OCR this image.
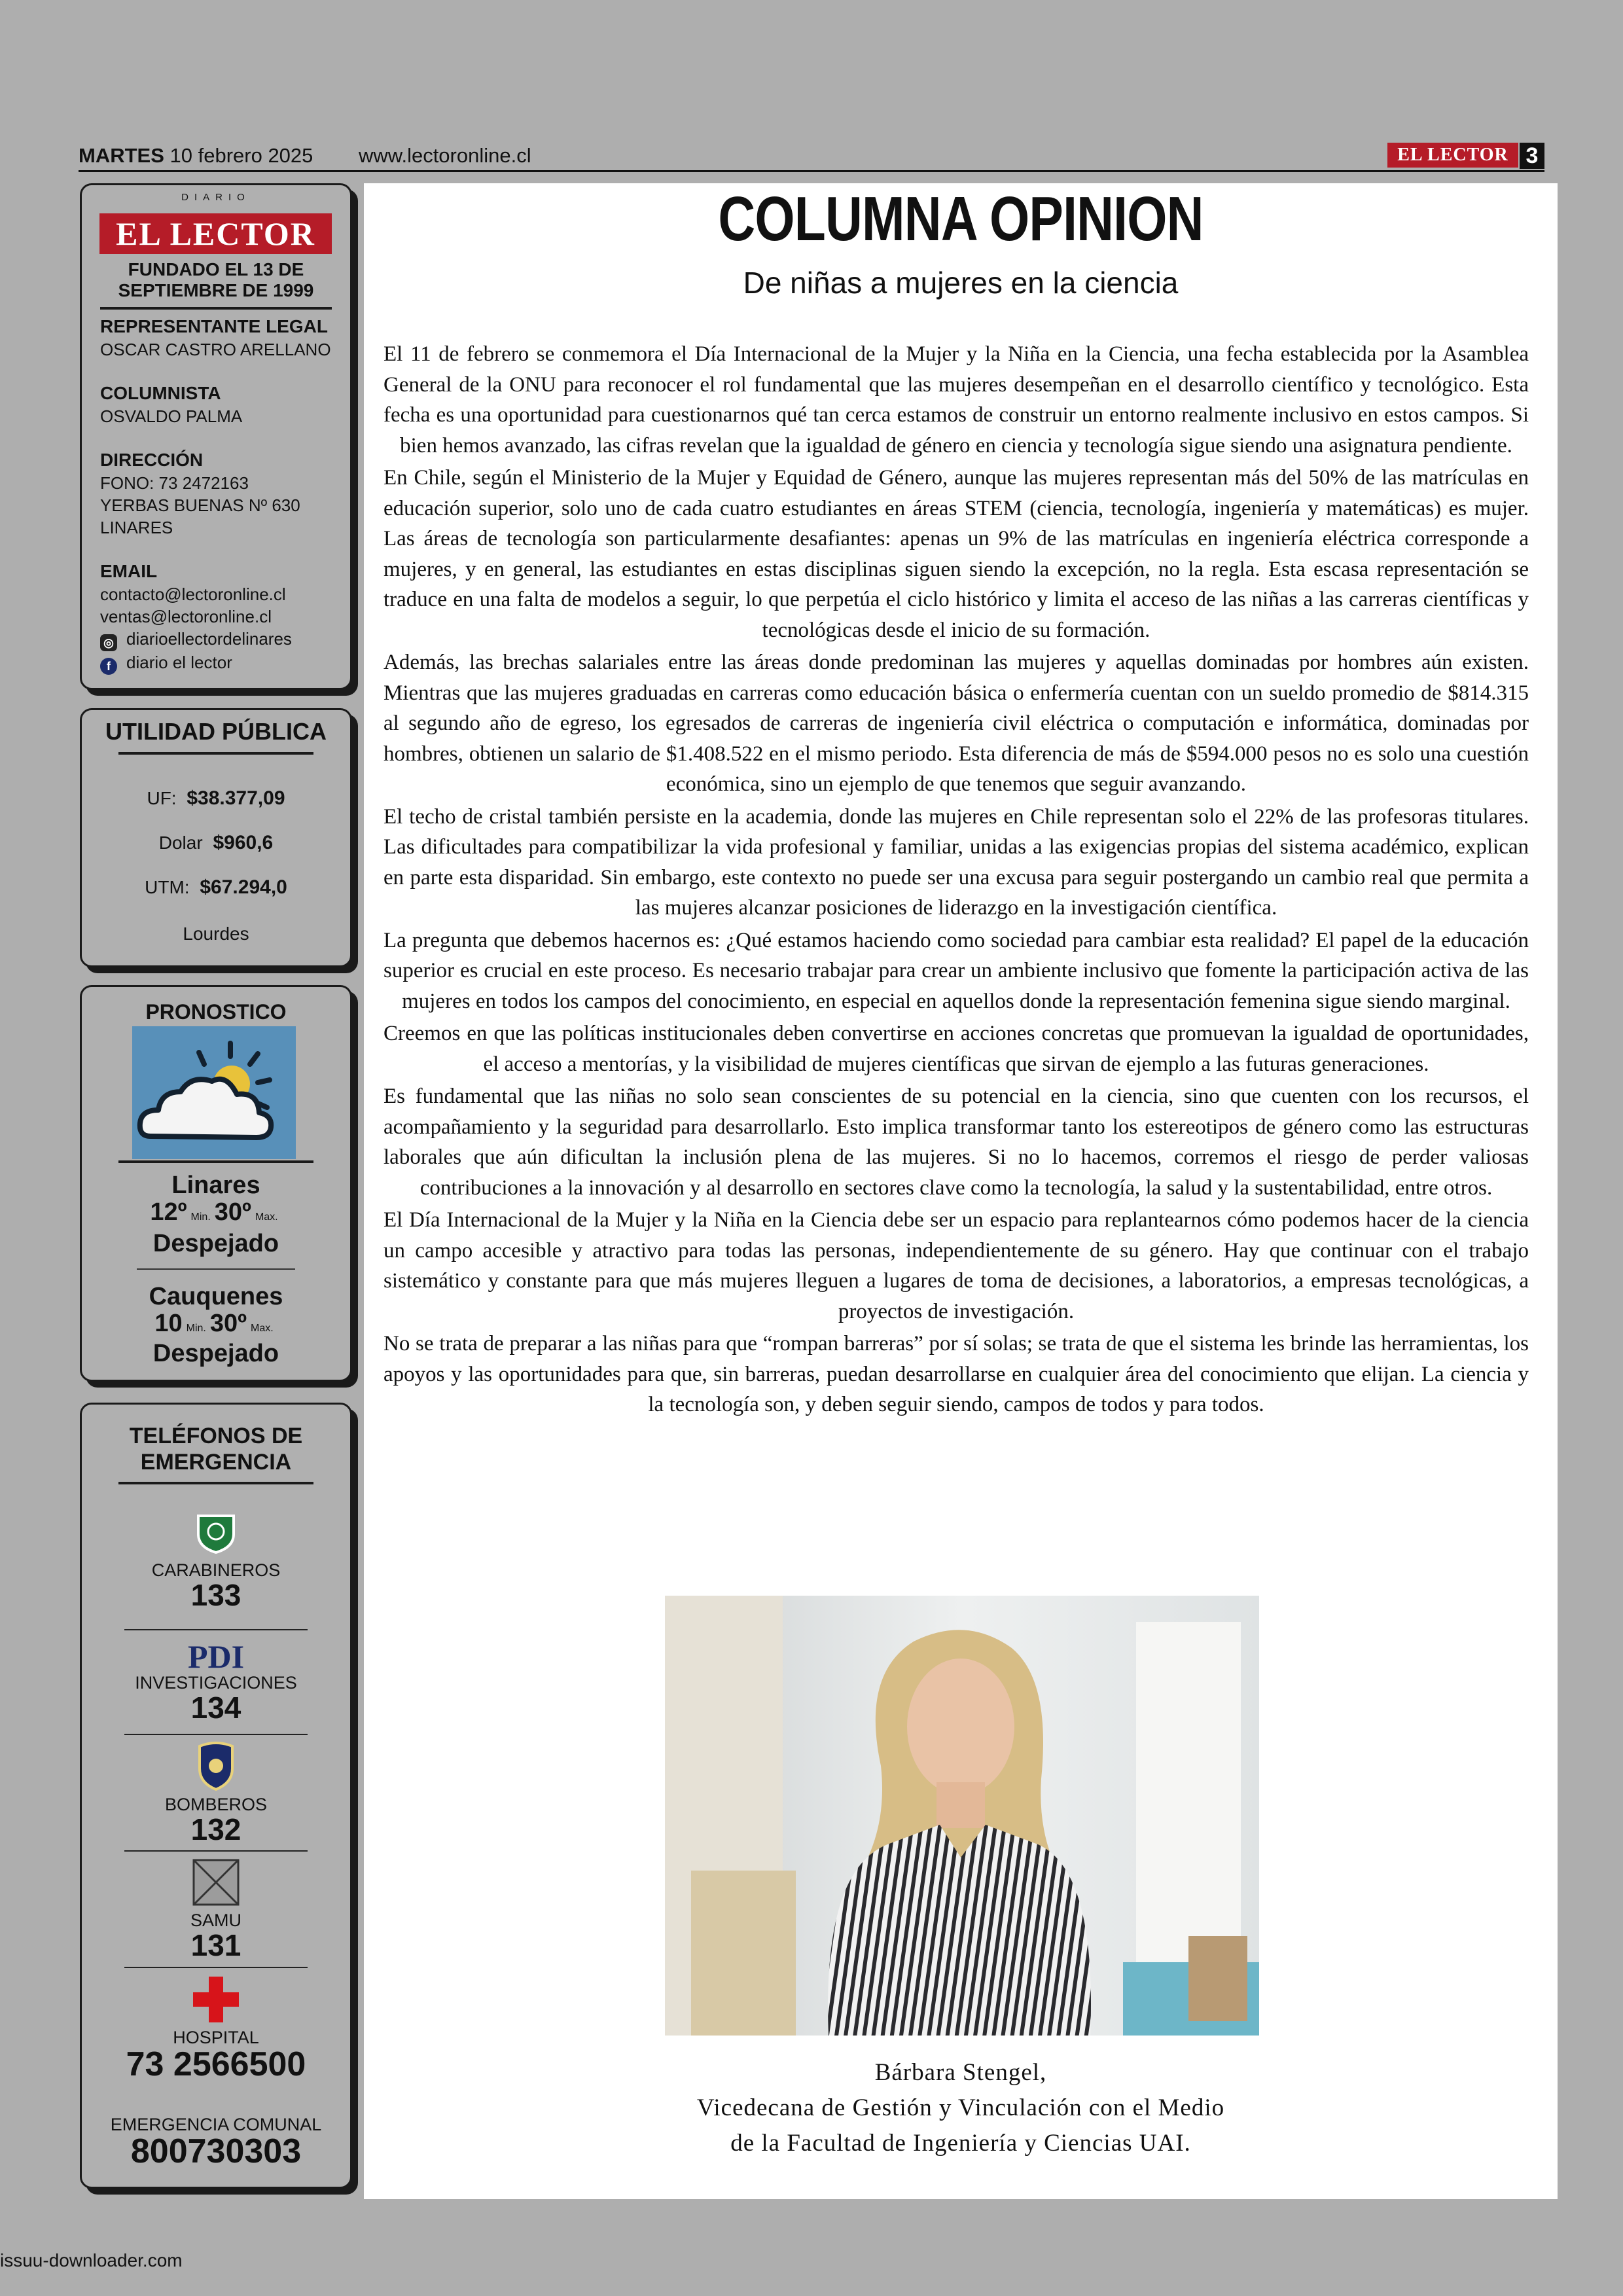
MARTES 10 febrero 2025 www.lectoronline.cl	EL LECTOR 3
DIARIO
EL LECTOR
FUNDADO EL 13 DE
SEPTIEMBRE DE 1999
REPRESENTANTE LEGAL
OSCAR CASTRO ARELLANO
COLUMNISTA
OSVALDO PALMA
DIRECCIÓN
FONO: 73 2472163
YERBAS BUENAS Nº 630
LINARES
EMAIL
contacto@lectoronline.cl
ventas@lectoronline.cl
◎ diarioellectordelinares
f diario el lector
UTILIDAD PÚBLICA
UF: $38.377,09
Dolar $960,6
UTM: $67.294,0
Lourdes
PRONOSTICO
Linares
12º Min. 30º Max.
Despejado
Cauquenes
10 Min. 30º Max.
Despejado
TELÉFONOS DE
EMERGENCIA
CARABINEROS
133
PDI
INVESTIGACIONES
134
BOMBEROS
132
SAMU
131
HOSPITAL
73 2566500
EMERGENCIA COMUNAL
800730303
COLUMNA OPINION
De niñas a mujeres en la ciencia

El 11 de febrero se conmemora el Día Internacional de la Mujer y la Niña en la Ciencia, una fecha establecida por la Asamblea General de la ONU para reconocer el rol fundamental que las mujeres desempeñan en el desarrollo científico y tecnológico. Esta fecha es una oportunidad para cuestionarnos qué tan cerca estamos de construir un entorno realmente inclusivo en estos campos. Si bien hemos avanzado, las cifras revelan que la igualdad de género en ciencia y tecnología sigue siendo una asignatura pendiente.

En Chile, según el Ministerio de la Mujer y Equidad de Género, aunque las mujeres representan más del 50% de las matrículas en educación superior, solo uno de cada cuatro estudiantes en áreas STEM (ciencia, tecnología, ingeniería y matemáticas) es mujer. Las áreas de tecnología son particularmente desafiantes: apenas un 9% de las matrículas en ingeniería eléctrica corresponde a mujeres, y en general, las estudiantes en estas disciplinas siguen siendo la excepción, no la regla. Esta escasa representación se traduce en una falta de modelos a seguir, lo que perpetúa el ciclo histórico y limita el acceso de las niñas a las carreras científicas y tecnológicas desde el inicio de su formación.

Además, las brechas salariales entre las áreas donde predominan las mujeres y aquellas dominadas por hombres aún existen. Mientras que las mujeres graduadas en carreras como educación básica o enfermería cuentan con un sueldo promedio de $814.315 al segundo año de egreso, los egresados de carreras de ingeniería civil eléctrica o computación e informática, dominadas por hombres, obtienen un salario de $1.408.522 en el mismo periodo. Esta diferencia de más de $594.000 pesos no es solo una cuestión económica, sino un ejemplo de que tenemos que seguir avanzando.

El techo de cristal también persiste en la academia, donde las mujeres en Chile representan solo el 22% de las profesoras titulares. Las dificultades para compatibilizar la vida profesional y familiar, unidas a las exigencias propias del sistema académico, explican en parte esta disparidad. Sin embargo, este contexto no puede ser una excusa para seguir postergando un cambio real que permita a las mujeres alcanzar posiciones de liderazgo en la investigación científica.

La pregunta que debemos hacernos es: ¿Qué estamos haciendo como sociedad para cambiar esta realidad? El papel de la educación superior es crucial en este proceso. Es necesario trabajar para crear un ambiente inclusivo que fomente la participación activa de las mujeres en todos los campos del conocimiento, en especial en aquellos donde la representación femenina sigue siendo marginal.

Creemos en que las políticas institucionales deben convertirse en acciones concretas que promuevan la igualdad de oportunidades, el acceso a mentorías, y la visibilidad de mujeres científicas que sirvan de ejemplo a las futuras generaciones.

Es fundamental que las niñas no solo sean conscientes de su potencial en la ciencia, sino que cuenten con los recursos, el acompañamiento y la seguridad para desarrollarlo. Esto implica transformar tanto los estereotipos de género como las estructuras laborales que aún dificultan la inclusión plena de las mujeres. Si no lo hacemos, corremos el riesgo de perder valiosas contribuciones a la innovación y al desarrollo en sectores clave como la tecnología, la salud y la sustentabilidad, entre otros.

El Día Internacional de la Mujer y la Niña en la Ciencia debe ser un espacio para replantearnos cómo podemos hacer de la ciencia un campo accesible y atractivo para todas las personas, independientemente de su género. Hay que continuar con el trabajo sistemático y constante para que más mujeres lleguen a lugares de toma de decisiones, a laboratorios, a empresas tecnológicas, a proyectos de investigación.

No se trata de preparar a las niñas para que “rompan barreras” por sí solas; se trata de que el sistema les brinde las herramientas, los apoyos y las oportunidades para que, sin barreras, puedan desarrollarse en cualquier área del conocimiento que elijan. La ciencia y la tecnología son, y deben seguir siendo, campos de todos y para todos.

Bárbara Stengel,
Vicedecana de Gestión y Vinculación con el Medio
de la Facultad de Ingeniería y Ciencias UAI.
issuu-downloader.com
